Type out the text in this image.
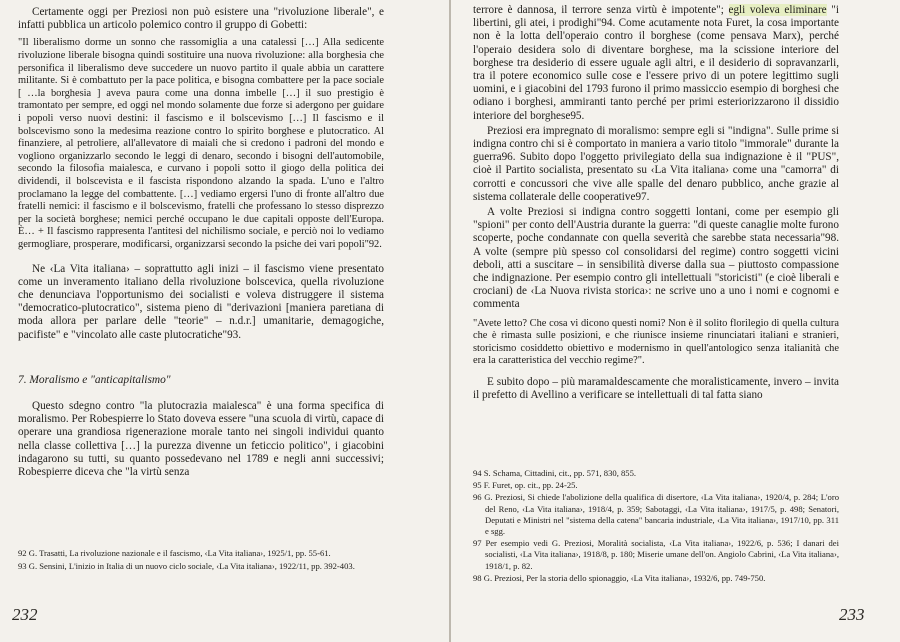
Certamente oggi per Preziosi non può esistere una "rivoluzione liberale", e infatti pubblica un articolo polemico contro il gruppo di Gobetti:

"Il liberalismo dorme un sonno che rassomiglia a una catalessi […] Alla sedicente rivoluzione liberale bisogna quindi sostituire una nuova rivoluzione: alla borghesia che personifica il liberalismo deve succedere un nuovo partito il quale abbia un carattere militante. Si è combattuto per la pace politica, e bisogna combattere per la pace sociale [ …la borghesia ] aveva paura come una donna imbelle […] il suo prestigio è tramontato per sempre, ed oggi nel mondo solamente due forze si adergono per guidare i popoli verso nuovi destini: il fascismo e il bolscevismo […] Il fascismo e il bolscevismo sono la medesima reazione contro lo spirito borghese e plutocratico. Al finanziere, al petroliere, all'allevatore di maiali che si credono i padroni del mondo e vogliono organizzarlo secondo le leggi di denaro, secondo i bisogni dell'automobile, secondo la filosofia maialesca, e curvano i popoli sotto il giogo della politica dei dividendi, il bolscevista e il fascista rispondono alzando la spada. L'uno e l'altro proclamano la legge del combattente. […] vediamo ergersi l'uno di fronte all'altro due fratelli nemici: il fascismo e il bolscevismo, fratelli che professano lo stesso disprezzo per la società borghese; nemici perché occupano le due capitali opposte dell'Europa. È… + Il fascismo rappresenta l'antitesi del nichilismo sociale, e perciò noi lo vediamo germogliare, prosperare, modificarsi, organizzarsi secondo la psiche dei vari popoli"92.

Ne ‹La Vita italiana› – soprattutto agli inizi – il fascismo viene presentato come un inveramento italiano della rivoluzione bolscevica, quella rivoluzione che denunciava l'opportunismo dei socialisti e voleva distruggere il sistema "democratico-plutocratico", sistema pieno di "derivazioni [maniera paretiana di moda allora per parlare delle "teorie" – n.d.r.] umanitarie, demagogiche, pacifiste" e "vincolato alle caste plutocratiche"93.

7. Moralismo e "anticapitalismo"

Questo sdegno contro "la plutocrazia maialesca" è una forma specifica di moralismo. Per Robespierre lo Stato doveva essere "una scuola di virtù, capace di operare una grandiosa rigenerazione morale tanto nei singoli individui quanto nella classe collettiva […] la purezza divenne un feticcio politico", i giacobini indagarono su tutti, su quanto possedevano nel 1789 e negli anni successivi; Robespierre diceva che "la virtù senza

92 G. Trasatti, La rivoluzione nazionale e il fascismo, ‹La Vita italiana›, 1925/1, pp. 55-61.

93 G. Sensini, L'inizio in Italia di un nuovo ciclo sociale, ‹La Vita italiana›, 1922/11, pp. 392-403.

232

terrore è dannosa, il terrore senza virtù è impotente"; egli voleva eliminare "i libertini, gli atei, i prodighi"94. Come acutamente nota Furet, la cosa importante non è la lotta dell'operaio contro il borghese (come pensava Marx), perché l'operaio desidera solo di diventare borghese, ma la scissione interiore del borghese tra desiderio di essere uguale agli altri, e il desiderio di sopravanzarli, tra il potere economico sulle cose e l'essere privo di un potere legittimo sugli uomini, e i giacobini del 1793 furono il primo massiccio esempio di borghesi che odiano i borghesi, ammiranti tanto perché per primi esteriorizzarono il dissidio interiore del borghese95.

Preziosi era impregnato di moralismo: sempre egli si "indigna". Sulle prime si indigna contro chi si è comportato in maniera a vario titolo "immorale" durante la guerra96. Subito dopo l'oggetto privilegiato della sua indignazione è il "PUS", cioè il Partito socialista, presentato su ‹La Vita italiana› come una "camorra" di corrotti e concussori che vive alle spalle del denaro pubblico, anche grazie al sistema collaterale delle cooperative97.

A volte Preziosi si indigna contro soggetti lontani, come per esempio gli "spioni" per conto dell'Austria durante la guerra: "di queste canaglie molte furono scoperte, poche condannate con quella severità che sarebbe stata necessaria"98. A volte (sempre più spesso col consolidarsi del regime) contro soggetti vicini deboli, atti a suscitare – in sensibilità diverse dalla sua – piuttosto compassione che indignazione. Per esempio contro gli intellettuali "storicisti" (e cioè liberali e crociani) de ‹La Nuova rivista storica›: ne scrive uno a uno i nomi e cognomi e commenta

"Avete letto? Che cosa vi dicono questi nomi? Non è il solito florilegio di quella cultura che è rimasta sulle posizioni, e che riunisce insieme rinunciatari italiani e stranieri, storicismo cosiddetto obiettivo e modernismo in quell'antologico senza italianità che era la caratteristica del vecchio regime?".

E subito dopo – più maramaldescamente che moralisticamente, invero – invita il prefetto di Avellino a verificare se intellettuali di tal fatta siano

94 S. Schama, Cittadini, cit., pp. 571, 830, 855.

95 F. Furet, op. cit., pp. 24-25.

96 G. Preziosi, Si chiede l'abolizione della qualifica di disertore, ‹La Vita italiana›, 1920/4, p. 284; L'oro del Reno, ‹La Vita italiana›, 1918/4, p. 359; Sabotaggi, ‹La Vita italiana›, 1917/5, p. 498; Senatori, Deputati e Ministri nel "sistema della catena" bancaria industriale, ‹La Vita italiana›, 1917/10, pp. 311 e sgg.

97 Per esempio vedi G. Preziosi, Moralità socialista, ‹La Vita italiana›, 1922/6, p. 536; I danari dei socialisti, ‹La Vita italiana›, 1918/8, p. 180; Miserie umane dell'on. Angiolo Cabrini, ‹La Vita italiana›, 1918/1, p. 82.

98 G. Preziosi, Per la storia dello spionaggio, ‹La Vita italiana›, 1932/6, pp. 749-750.

233
